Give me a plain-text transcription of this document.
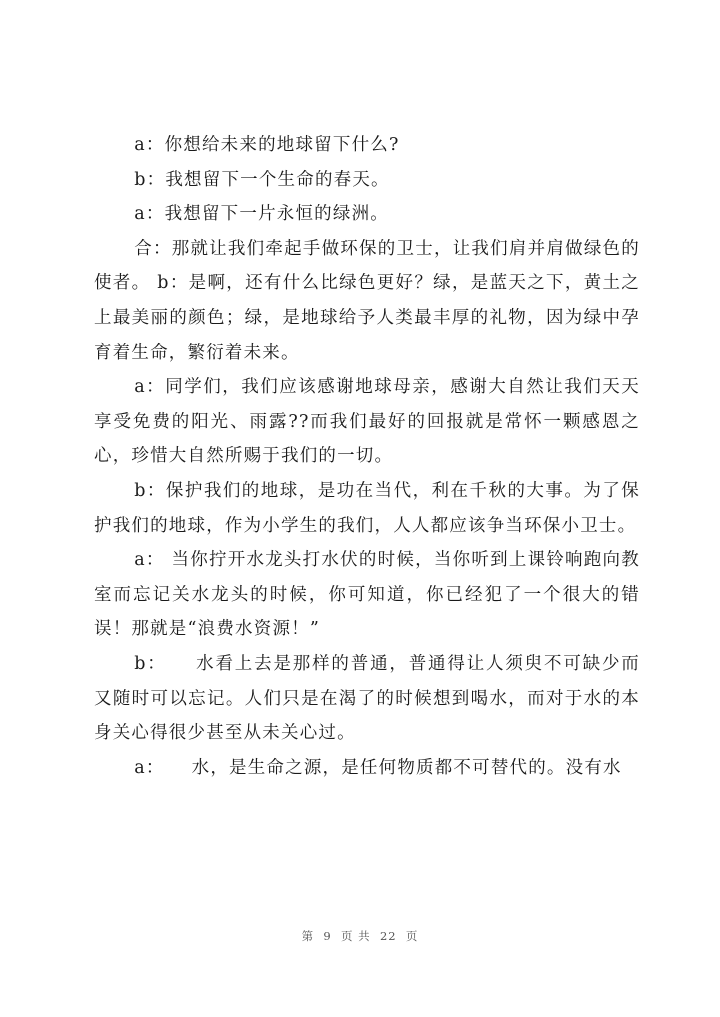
a：你想给未来的地球留下什么?

b：我想留下一个生命的春天。

a：我想留下一片永恒的绿洲。

合：那就让我们牵起手做环保的卫士，让我们肩并肩做绿色的使者。 b：是啊，还有什么比绿色更好？绿，是蓝天之下，黄土之上最美丽的颜色；绿，是地球给予人类最丰厚的礼物，因为绿中孕育着生命，繁衍着未来。

a：同学们，我们应该感谢地球母亲，感谢大自然让我们天天享受免费的阳光、雨露??而我们最好的回报就是常怀一颗感恩之心，珍惜大自然所赐于我们的一切。

b：保护我们的地球，是功在当代，利在千秋的大事。为了保护我们的地球，作为小学生的我们，人人都应该争当环保小卫士。

a： 当你拧开水龙头打水伏的时候，当你听到上课铃响跑向教室而忘记关水龙头的时候，你可知道，你已经犯了一个很大的错误！那就是“浪费水资源！”

b：    水看上去是那样的普通，普通得让人须臾不可缺少而又随时可以忘记。人们只是在渴了的时候想到喝水，而对于水的本身关心得很少甚至从未关心过。

a：    水，是生命之源，是任何物质都不可替代的。没有水

第  9  页 共  22  页
